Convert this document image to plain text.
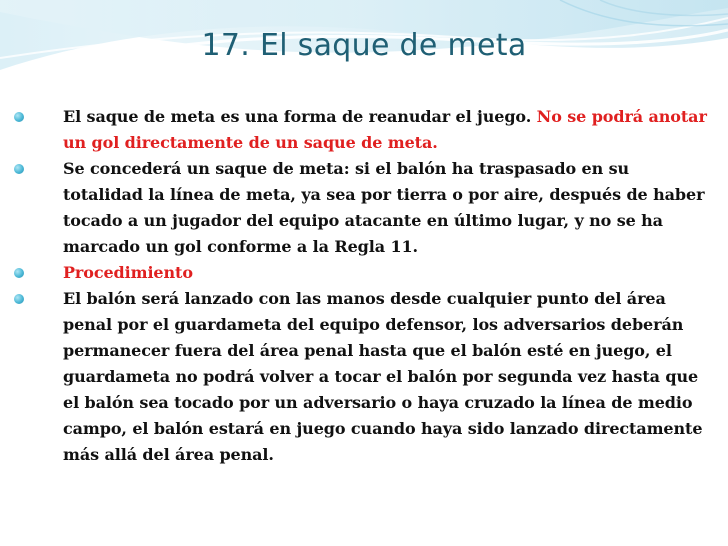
17. El saque de meta
El saque de meta es una forma de reanudar el juego. No se podrá anotar un gol directamente de un saque de meta.
Se concederá un saque de meta: si el balón ha traspasado en su totalidad la línea de meta, ya sea por tierra o por aire, después de haber tocado a un jugador del equipo atacante en último lugar, y no se ha marcado un gol conforme a la Regla 11.
Procedimiento
El balón será lanzado con las manos desde cualquier punto del área penal por el guardameta del equipo defensor, los adversarios deberán permanecer fuera del área penal hasta que el balón esté en juego, el guardameta no podrá volver a tocar el balón por segunda vez hasta que el balón sea tocado por un adversario o haya cruzado la línea de medio campo, el balón estará en juego cuando haya sido lanzado directamente más allá del área penal.
